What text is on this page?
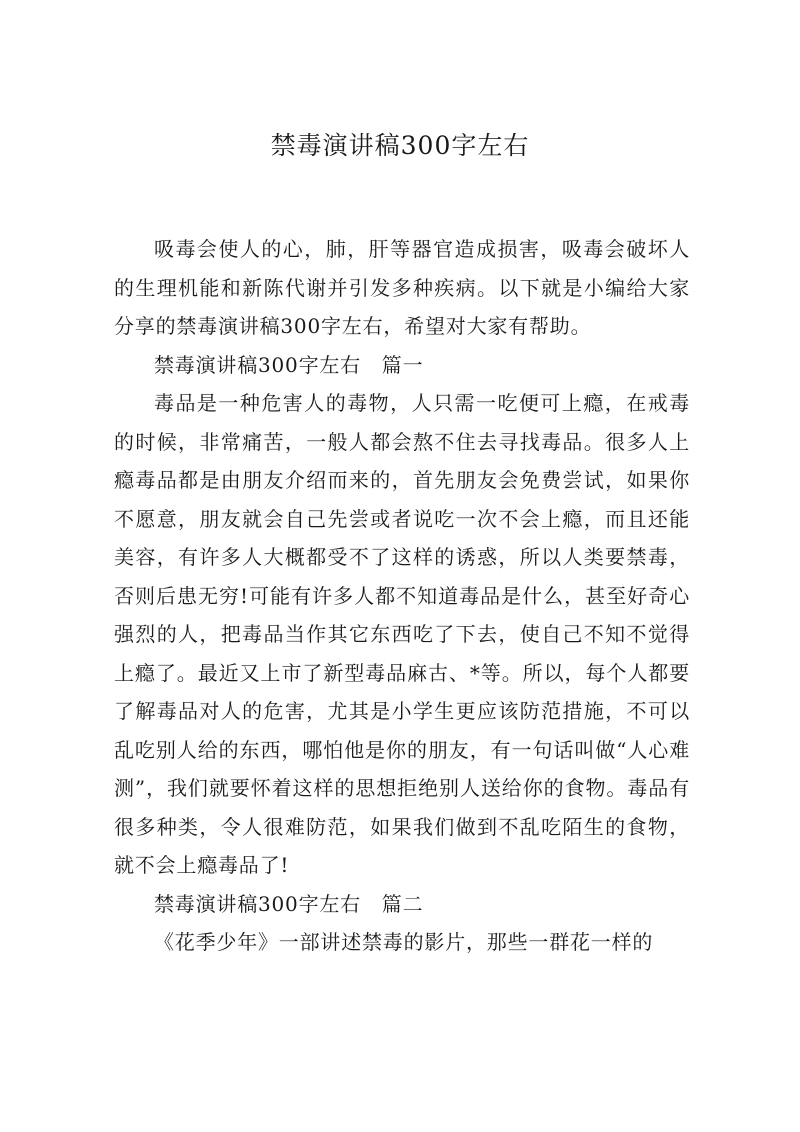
禁毒演讲稿300字左右

吸毒会使人的心，肺，肝等器官造成损害，吸毒会破坏人的生理机能和新陈代谢并引发多种疾病。以下就是小编给大家分享的禁毒演讲稿300字左右，希望对大家有帮助。

禁毒演讲稿300字左右　篇一

毒品是一种危害人的毒物，人只需一吃便可上瘾，在戒毒的时候，非常痛苦，一般人都会熬不住去寻找毒品。很多人上瘾毒品都是由朋友介绍而来的，首先朋友会免费尝试，如果你不愿意，朋友就会自己先尝或者说吃一次不会上瘾，而且还能美容，有许多人大概都受不了这样的诱惑，所以人类要禁毒，否则后患无穷!可能有许多人都不知道毒品是什么，甚至好奇心强烈的人，把毒品当作其它东西吃了下去，使自己不知不觉得上瘾了。最近又上市了新型毒品麻古、*等。所以，每个人都要了解毒品对人的危害，尤其是小学生更应该防范措施，不可以乱吃别人给的东西，哪怕他是你的朋友，有一句话叫做“人心难测”，我们就要怀着这样的思想拒绝别人送给你的食物。毒品有很多种类，令人很难防范，如果我们做到不乱吃陌生的食物，就不会上瘾毒品了!

禁毒演讲稿300字左右　篇二

《花季少年》一部讲述禁毒的影片，那些一群花一样的
